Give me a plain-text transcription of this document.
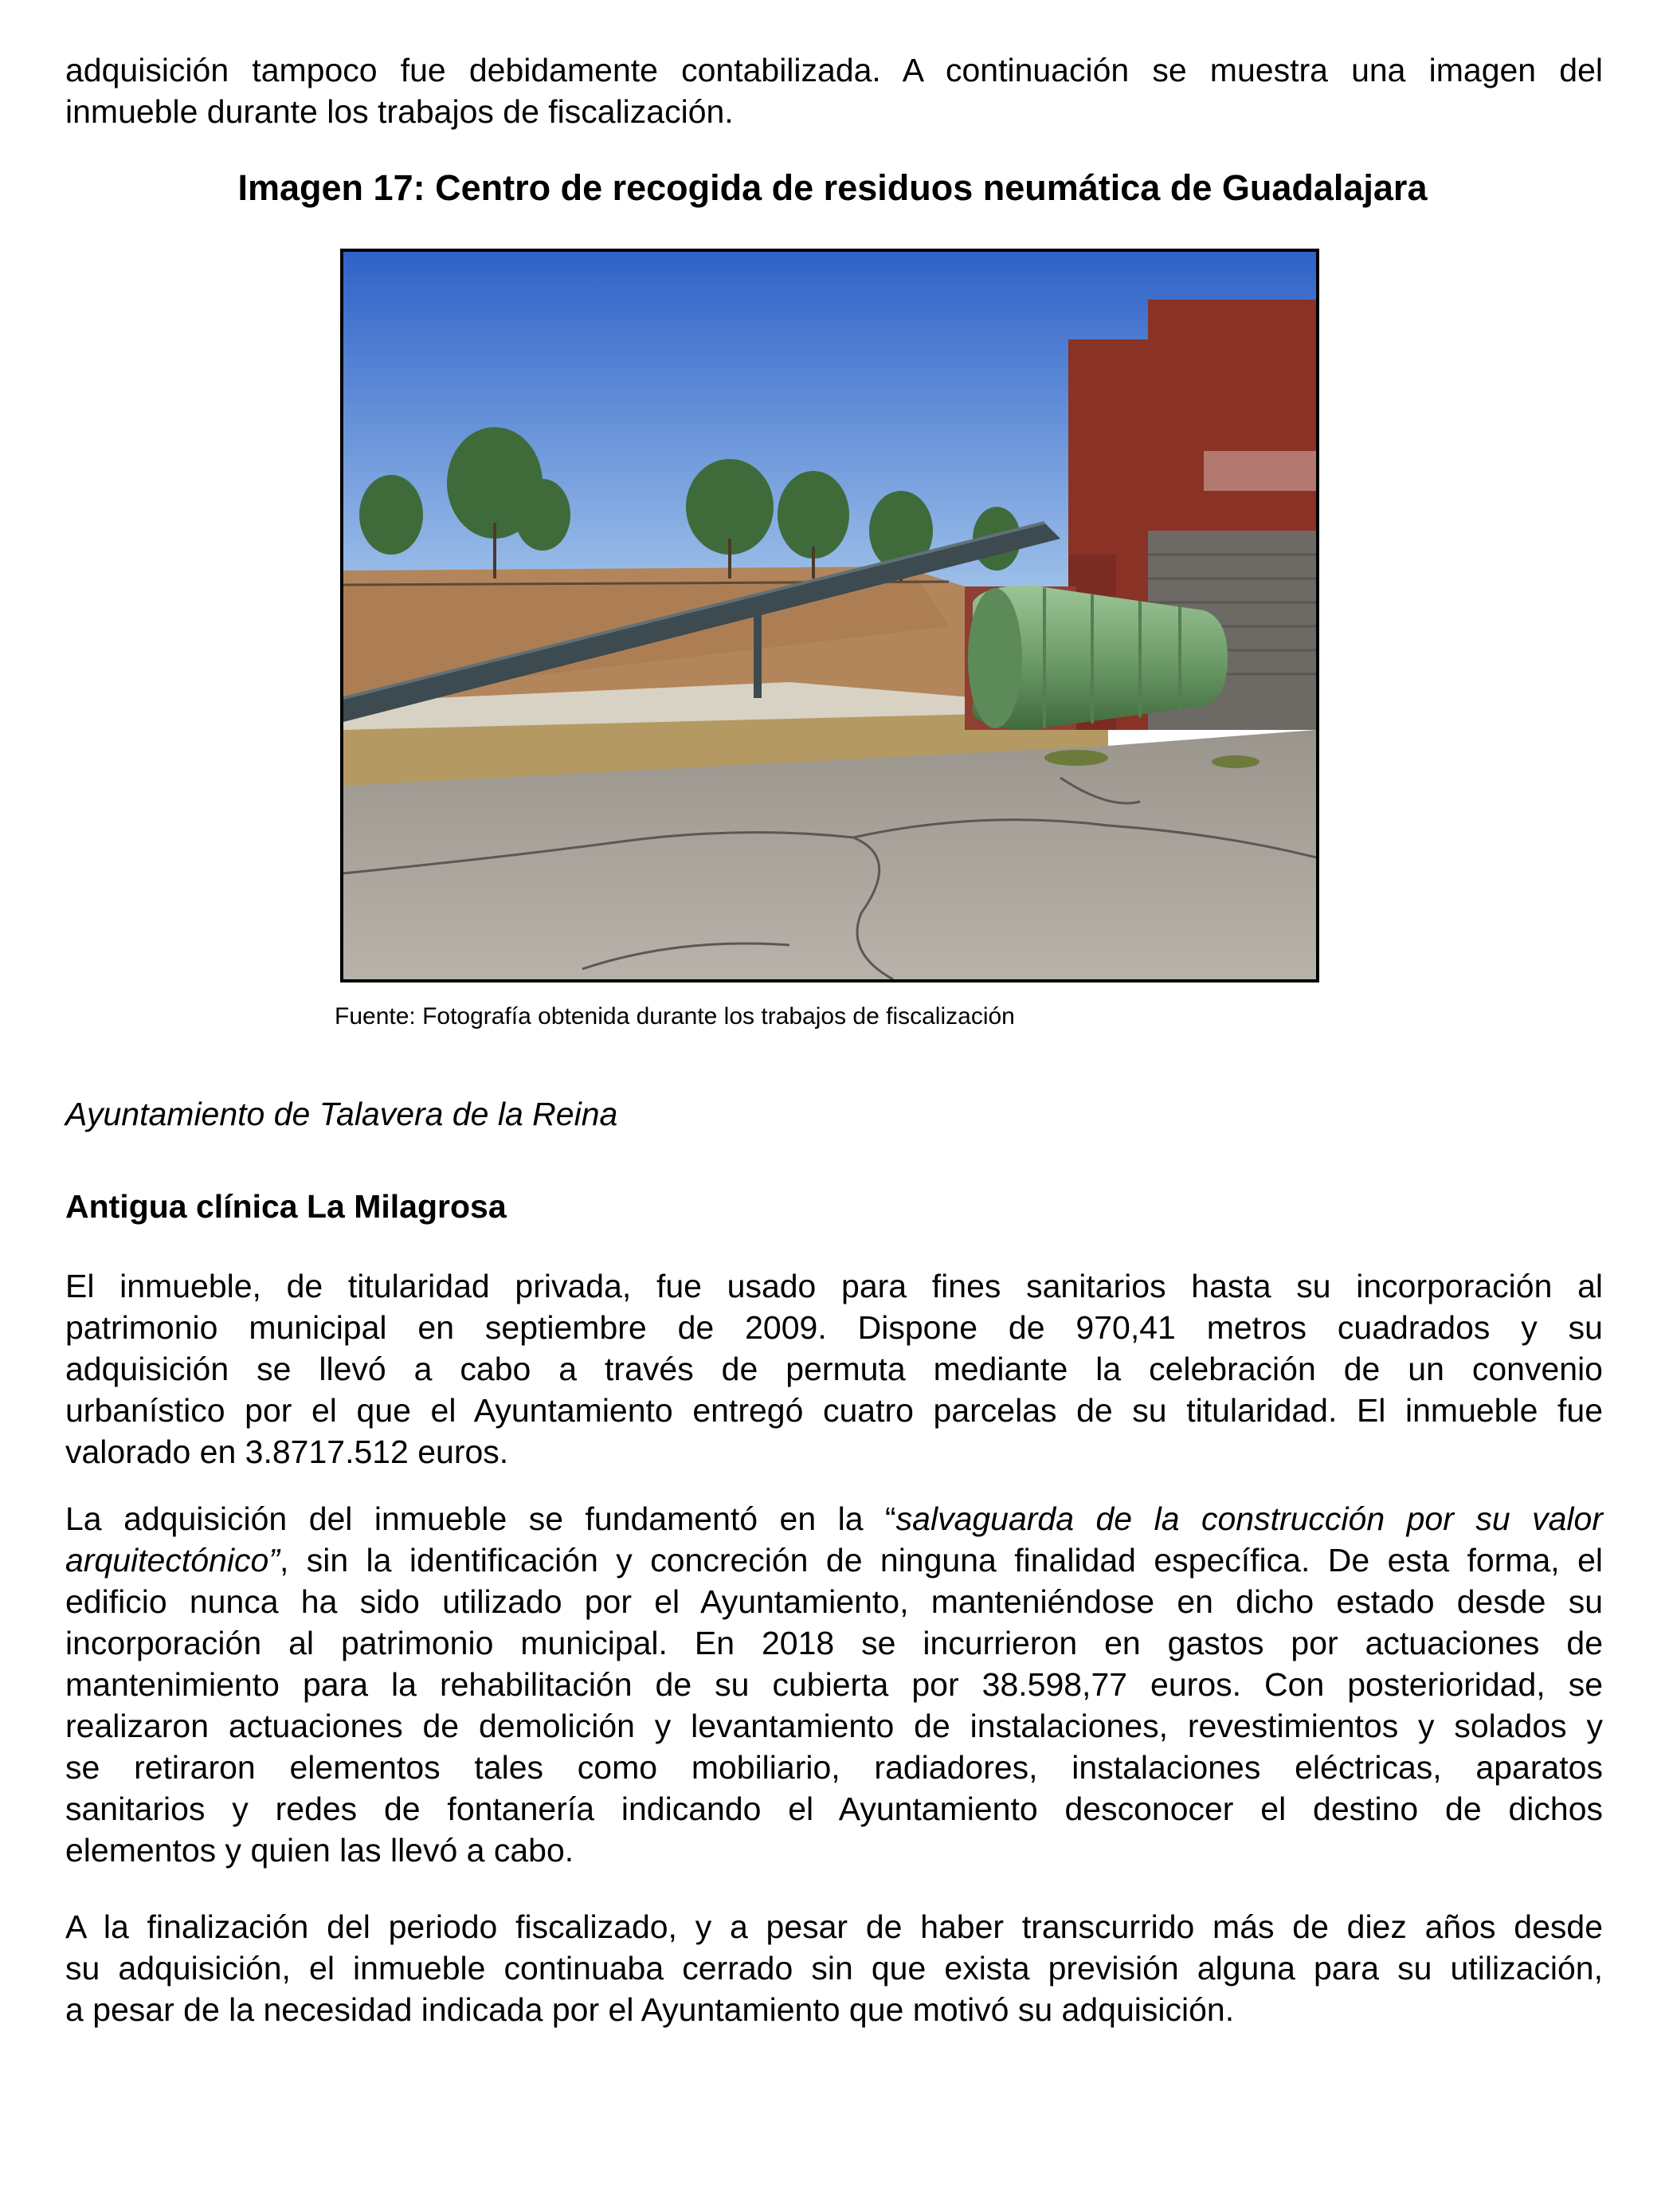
adquisición tampoco fue debidamente contabilizada. A continuación se muestra una imagen del
inmueble durante los trabajos de fiscalización.

Imagen 17: Centro de recogida de residuos neumática de Guadalajara

Fuente: Fotografía obtenida durante los trabajos de fiscalización

Ayuntamiento de Talavera de la Reina

Antigua clínica La Milagrosa

El inmueble, de titularidad privada, fue usado para fines sanitarios hasta su incorporación al
patrimonio municipal en septiembre de 2009. Dispone de 970,41 metros cuadrados y su
adquisición se llevó a cabo a través de permuta mediante la celebración de un convenio
urbanístico por el que el Ayuntamiento entregó cuatro parcelas de su titularidad. El inmueble fue
valorado en 3.8717.512 euros.

La adquisición del inmueble se fundamentó en la “salvaguarda de la construcción por su valor
arquitectónico”, sin la identificación y concreción de ninguna finalidad específica. De esta forma, el
edificio nunca ha sido utilizado por el Ayuntamiento, manteniéndose en dicho estado desde su
incorporación al patrimonio municipal. En 2018 se incurrieron en gastos por actuaciones de
mantenimiento para la rehabilitación de su cubierta por 38.598,77 euros. Con posterioridad, se
realizaron actuaciones de demolición y levantamiento de instalaciones, revestimientos y solados y
se retiraron elementos tales como mobiliario, radiadores, instalaciones eléctricas, aparatos
sanitarios y redes de fontanería indicando el Ayuntamiento desconocer el destino de dichos
elementos y quien las llevó a cabo.

A la finalización del periodo fiscalizado, y a pesar de haber transcurrido más de diez años desde
su adquisición, el inmueble continuaba cerrado sin que exista previsión alguna para su utilización,
a pesar de la necesidad indicada por el Ayuntamiento que motivó su adquisición.
